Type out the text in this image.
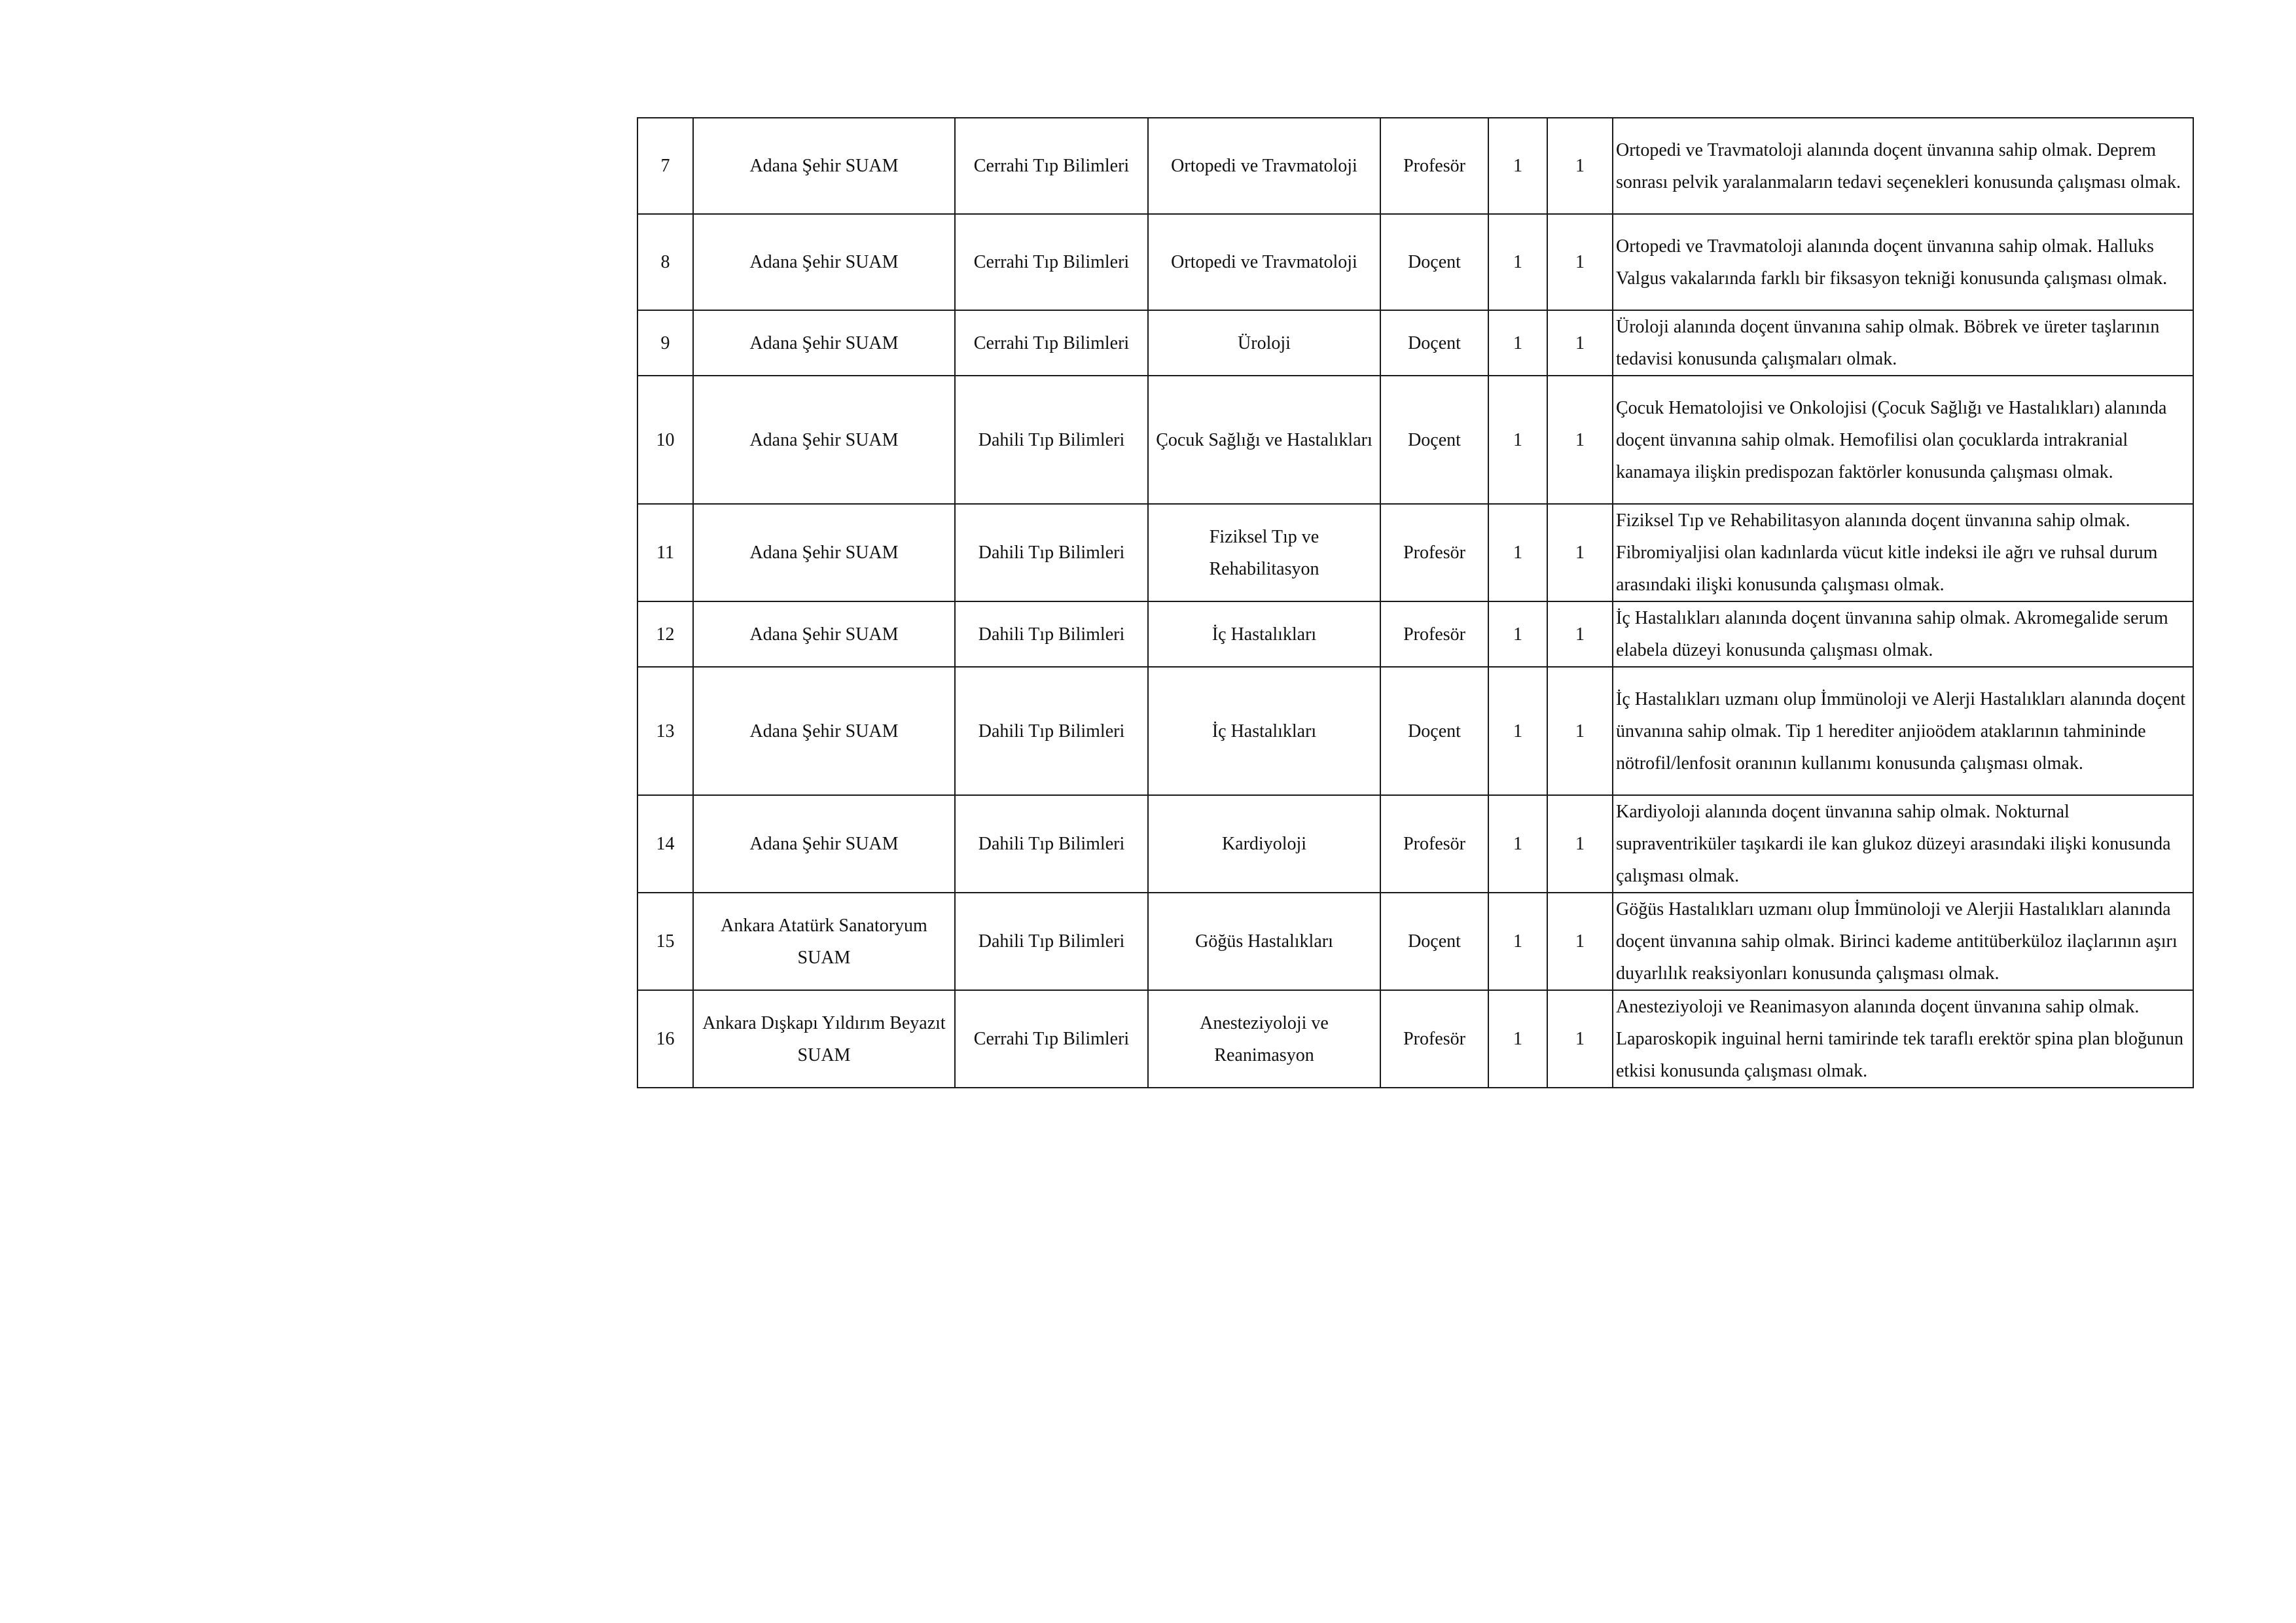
7	Adana Şehir SUAM	Cerrahi Tıp Bilimleri	Ortopedi ve Travmatoloji	Profesör	1	1	Ortopedi ve Travmatoloji alanında doçent ünvanına sahip olmak. Deprem sonrası pelvik yaralanmaların tedavi seçenekleri konusunda çalışması olmak.
8	Adana Şehir SUAM	Cerrahi Tıp Bilimleri	Ortopedi ve Travmatoloji	Doçent	1	1	Ortopedi ve Travmatoloji alanında doçent ünvanına sahip olmak. Halluks Valgus vakalarında farklı bir fiksasyon tekniği konusunda çalışması olmak.
9	Adana Şehir SUAM	Cerrahi Tıp Bilimleri	Üroloji	Doçent	1	1	Üroloji alanında doçent ünvanına sahip olmak. Böbrek ve üreter taşlarının tedavisi konusunda çalışmaları olmak.
10	Adana Şehir SUAM	Dahili Tıp Bilimleri	Çocuk Sağlığı ve Hastalıkları	Doçent	1	1	Çocuk Hematolojisi ve Onkolojisi (Çocuk Sağlığı ve Hastalıkları) alanında doçent ünvanına sahip olmak. Hemofilisi olan çocuklarda intrakranial kanamaya ilişkin predispozan faktörler konusunda çalışması olmak.
11	Adana Şehir SUAM	Dahili Tıp Bilimleri	Fiziksel Tıp ve Rehabilitasyon	Profesör	1	1	Fiziksel Tıp ve Rehabilitasyon alanında doçent ünvanına sahip olmak. Fibromiyaljisi olan kadınlarda vücut kitle indeksi ile ağrı ve ruhsal durum arasındaki ilişki konusunda çalışması olmak.
12	Adana Şehir SUAM	Dahili Tıp Bilimleri	İç Hastalıkları	Profesör	1	1	İç Hastalıkları alanında doçent ünvanına sahip olmak. Akromegalide serum elabela düzeyi konusunda çalışması olmak.
13	Adana Şehir SUAM	Dahili Tıp Bilimleri	İç Hastalıkları	Doçent	1	1	İç Hastalıkları uzmanı olup İmmünoloji ve Alerji Hastalıkları alanında doçent ünvanına sahip olmak. Tip 1 herediter anjioödem ataklarının tahmininde nötrofil/lenfosit oranının kullanımı konusunda çalışması olmak.
14	Adana Şehir SUAM	Dahili Tıp Bilimleri	Kardiyoloji	Profesör	1	1	Kardiyoloji alanında doçent ünvanına sahip olmak. Nokturnal supraventriküler taşıkardi ile kan glukoz düzeyi arasındaki ilişki konusunda çalışması olmak.
15	Ankara Atatürk Sanatoryum SUAM	Dahili Tıp Bilimleri	Göğüs Hastalıkları	Doçent	1	1	Göğüs Hastalıkları uzmanı olup İmmünoloji ve Alerjii Hastalıkları alanında doçent ünvanına sahip olmak. Birinci kademe antitüberküloz ilaçlarının aşırı duyarlılık reaksiyonları konusunda çalışması olmak.
16	Ankara Dışkapı Yıldırım Beyazıt SUAM	Cerrahi Tıp Bilimleri	Anesteziyoloji ve Reanimasyon	Profesör	1	1	Anesteziyoloji ve Reanimasyon alanında doçent ünvanına sahip olmak. Laparoskopik inguinal herni tamirinde tek taraflı erektör spina plan bloğunun etkisi konusunda çalışması olmak.
